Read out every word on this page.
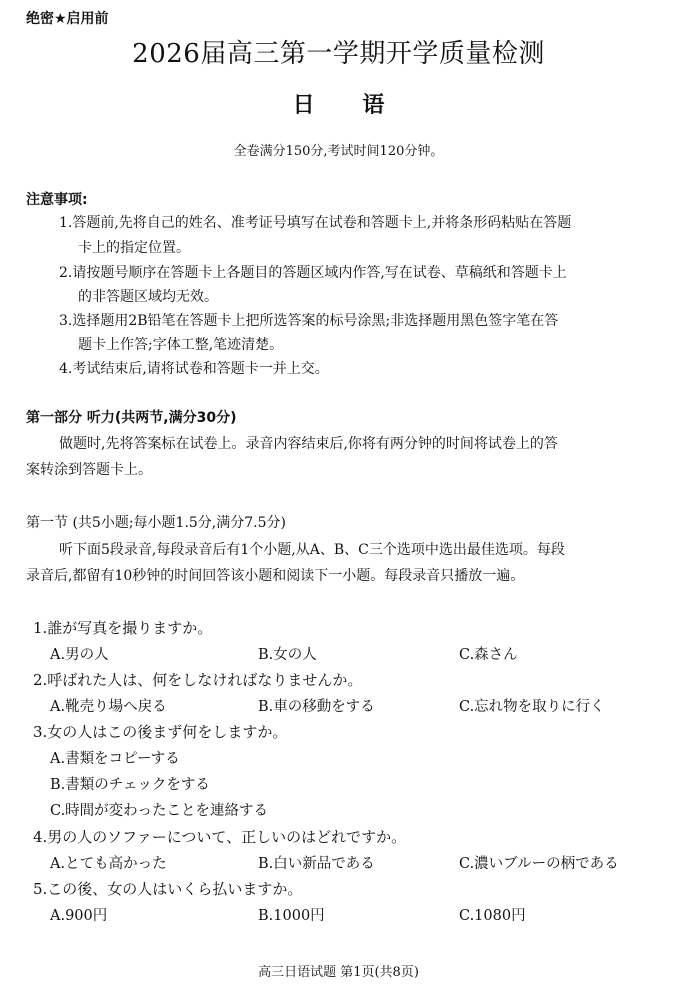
绝密★启用前
2026届高三第一学期开学质量检测
日 语
全卷满分150分,考试时间120分钟。
注意事项:
1.答题前,先将自己的姓名、准考证号填写在试卷和答题卡上,并将条形码粘贴在答题
卡上的指定位置。
2.请按题号顺序在答题卡上各题目的答题区域内作答,写在试卷、草稿纸和答题卡上
的非答题区域均无效。
3.选择题用2B铅笔在答题卡上把所选答案的标号涂黑;非选择题用黑色签字笔在答
题卡上作答;字体工整,笔迹清楚。
4.考试结束后,请将试卷和答题卡一并上交。
第一部分 听力(共两节,满分30分)
做题时,先将答案标在试卷上。录音内容结束后,你将有两分钟的时间将试卷上的答
案转涂到答题卡上。
第一节 (共5小题;每小题1.5分,满分7.5分)
听下面5段录音,每段录音后有1个小题,从A、B、C三个选项中选出最佳选项。每段
录音后,都留有10秒钟的时间回答该小题和阅读下一小题。每段录音只播放一遍。
1.誰が写真を撮りますか。
A.男の人	B.女の人	C.森さん
2.呼ばれた人は、何をしなければなりませんか。
A.靴売り場へ戻る	B.車の移動をする	C.忘れ物を取りに行く
3.女の人はこの後まず何をしますか。
A.書類をコピーする
B.書類のチェックをする
C.時間が変わったことを連絡する
4.男の人のソファーについて、正しいのはどれですか。
A.とても高かった	B.白い新品である	C.濃いブルーの柄である
5.この後、女の人はいくら払いますか。
A.900円	B.1000円	C.1080円
高三日语试题 第1页(共8页)
